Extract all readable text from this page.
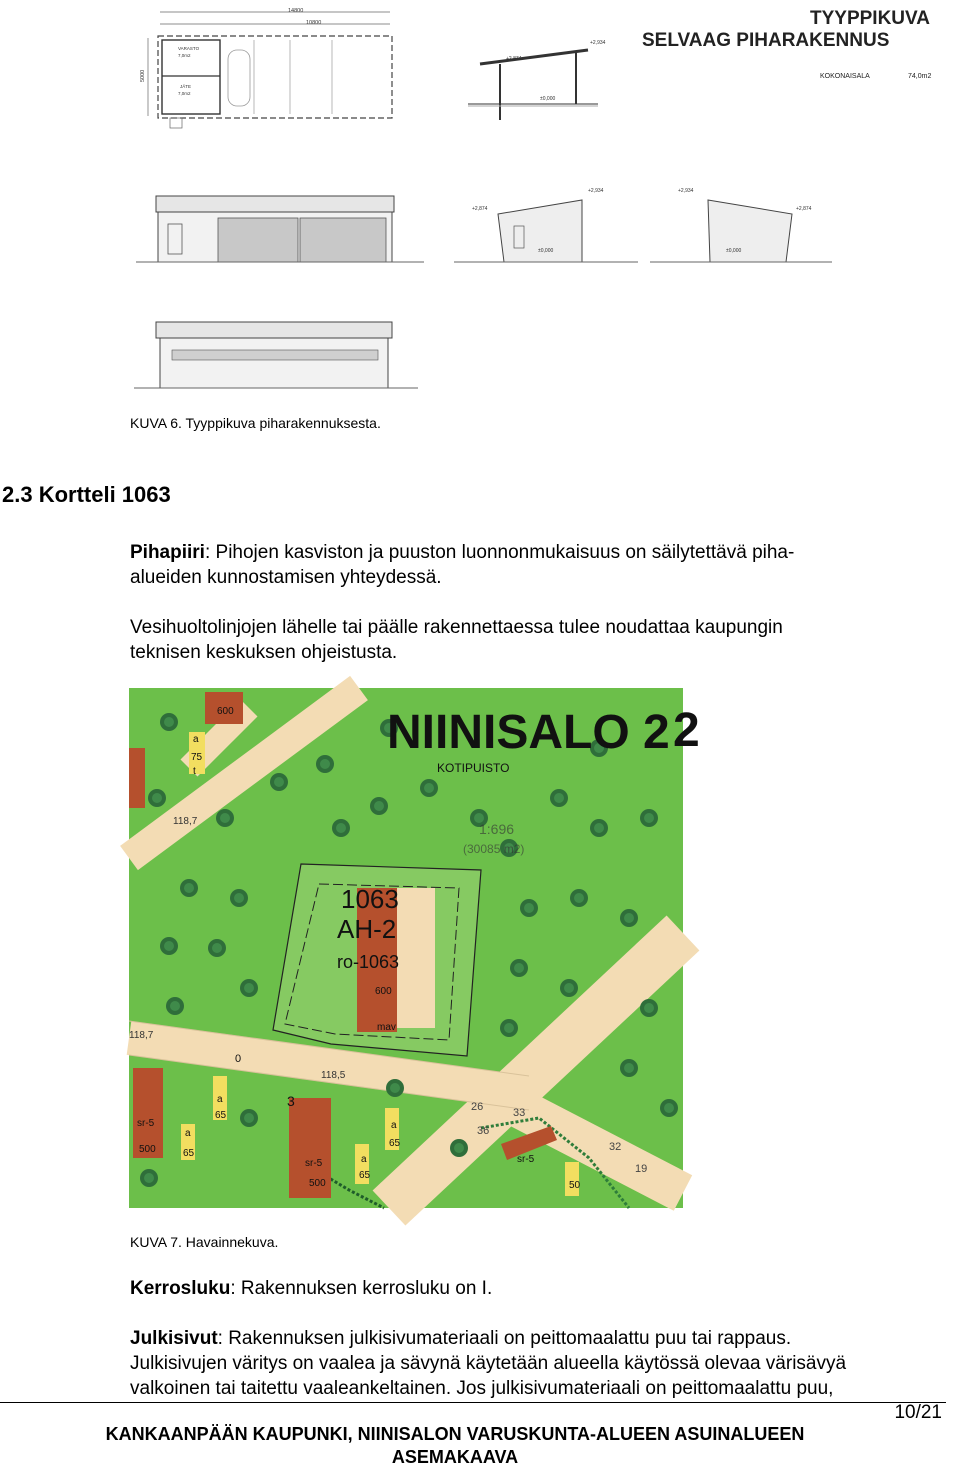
14800
10800
5000
VARASTO
7,0m2
JÄTE
7,0m2
+2,874
+2,934
±0,000
TYYPPIKUVA
SELVAAG PIHARAKENNUS
KOKONAISALA	74,0m2
+2,874
+2,934	+2,934
+2,874
±0,000	±0,000
KUVA 6. Tyyppikuva piharakennuksesta.
2.3 Kortteli 1063
Pihapiiri: Pihojen kasviston ja puuston luonnonmukaisuus on säilytettävä piha-
alueiden kunnostamisen yhteydessä.
Vesihuoltolinjojen lähelle tai päälle rakennettaessa tulee noudattaa kaupungin
teknisen keskuksen ohjeistusta.
NIINISALO 2
KOTIPUISTO
1:696
(30085 m2)
1063
AH-2
ro-1063
600
mav
600
a
75
t
118,7
118,7
118,5
0
3
sr-5
500
sr-5
500
a
65
a
65
a
65
a
65
50
sr-5
26
36
33
32
19
2
KUVA 7. Havainnekuva.
Kerrosluku: Rakennuksen kerrosluku on I.
Julkisivut: Rakennuksen julkisivumateriaali on peittomaalattu puu tai rappaus.
Julkisivujen väritys on vaalea ja sävynä käytetään alueella käytössä olevaa värisävyä
valkoinen tai taitettu vaaleankeltainen. Jos julkisivumateriaali on peittomaalattu puu,
10/21
KANKAANPÄÄN KAUPUNKI, NIINISALON VARUSKUNTA-ALUEEN ASUINALUEEN
ASEMAKAAVA
